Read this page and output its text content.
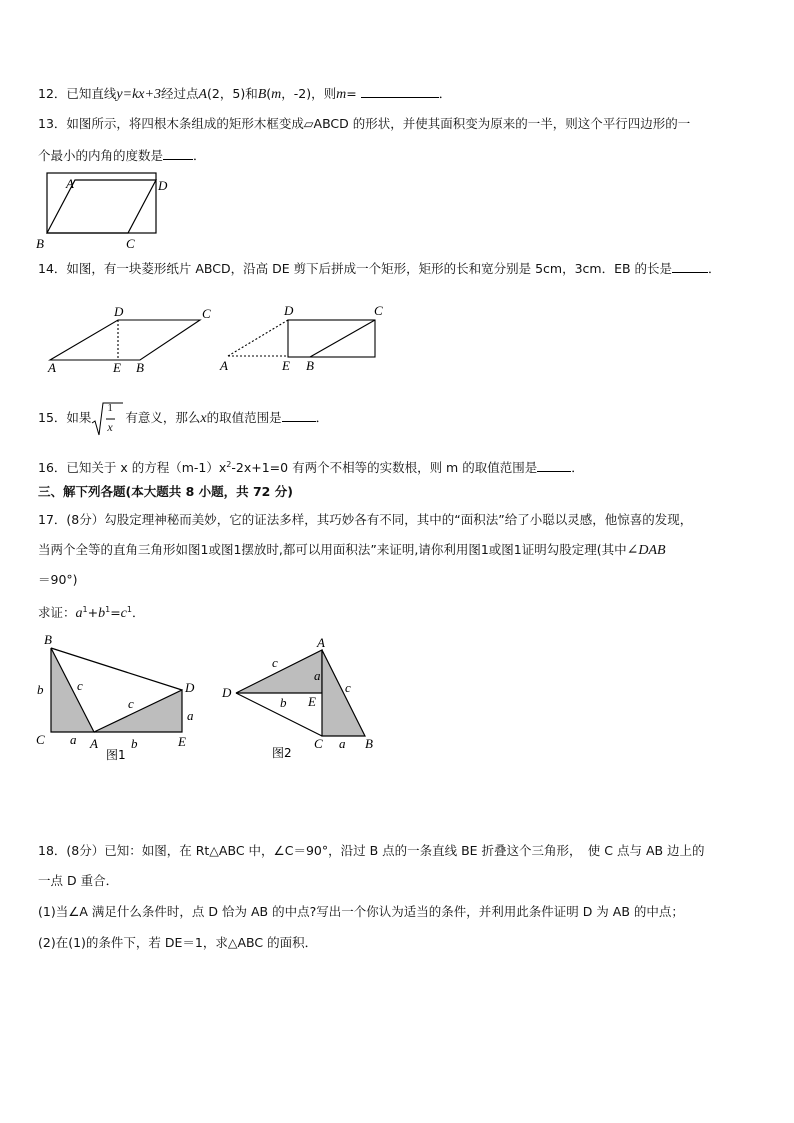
12．已知直线y=kx+3经过点A(2，5)和B(m，-2)，则m=	．
13．如图所示，将四根木条组成的矩形木框变成▱ABCD 的形状，并使其面积变为原来的一半，则这个平行四边形的一
个最小的内角的度数是 ．
A	D
B	C
D	C
A	E B
D	C
A	E B
B
C	A	E
D
b	c
c
a
a
b
图1
A
D
E
C	B
c
a
c
b
a
图2
14．如图，有一块菱形纸片 ABCD，沿高 DE 剪下后拼成一个矩形，矩形的长和宽分别是 5cm，3cm．EB 的长是	．
15．如果
1
x
有意义，那么x的取值范围是	．
16．已知关于 x 的方程$(m-1)x^2-2x+1=0$ 有两个不相等的实数根，则 m 的取值范围是	．
三、解下列各题(本大题共 8 小题，共 72 分)
17．(8分）勾股定理神秘而美妙，它的证法多样，其巧妙各有不同，其中的“面积法”给了小聪以灵感，他惊喜的发现，
当两个全等的直角三角形如图1或图1摆放时,都可以用面积法”来证明,请你利用图1或图1证明勾股定理(其中∠DAB
＝90°)
求证：$a^1+b^1=c^1$．
18．(8分）已知：如图，在 Rt△ABC 中，∠C＝90°，沿过 B 点的一条直线 BE 折叠这个三角形，　使 C 点与 AB 边上的
一点 D 重合．
(1)当∠A 满足什么条件时，点 D 恰为 AB 的中点?写出一个你认为适当的条件，并利用此条件证明 D 为 AB 的中点；
(2)在(1)的条件下，若 DE＝1，求△ABC 的面积．
